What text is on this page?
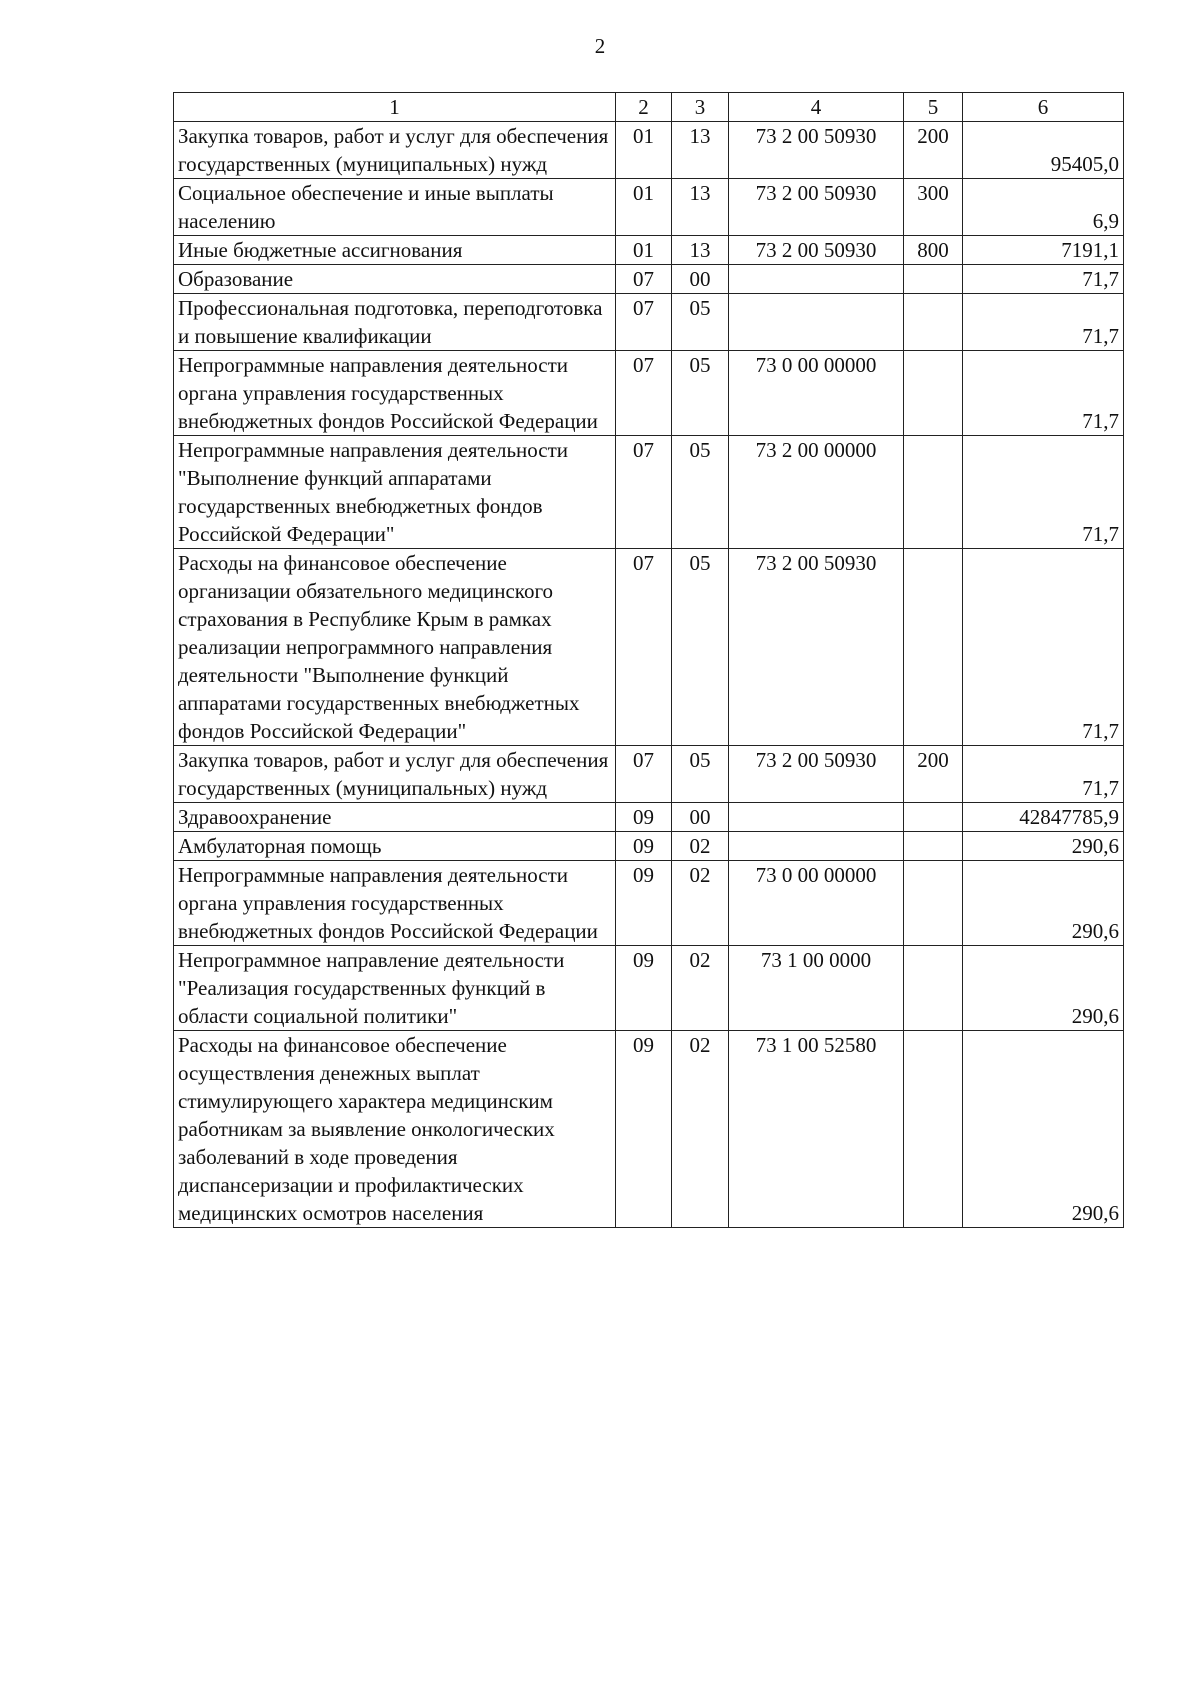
2
1	2	3	4	5	6
Закупка товаров, работ и услуг для обеспечения государственных (муниципальных) нужд	01	13	73 2 00 50930	200	95405,0
Социальное обеспечение и иные выплаты населению	01	13	73 2 00 50930	300	6,9
Иные бюджетные ассигнования	01	13	73 2 00 50930	800	7191,1
Образование	07	00			71,7
Профессиональная подготовка, переподготовка и повышение квалификации	07	05			71,7
Непрограммные направления деятельности органа управления государственных внебюджетных фондов Российской Федерации	07	05	73 0 00 00000		71,7
Непрограммные направления деятельности "Выполнение функций аппаратами государственных внебюджетных фондов Российской Федерации"	07	05	73 2 00 00000		71,7
Расходы на финансовое обеспечение организации обязательного медицинского страхования в Республике Крым в рамках реализации непрограммного направления деятельности "Выполнение функций аппаратами государственных внебюджетных фондов Российской Федерации"	07	05	73 2 00 50930		71,7
Закупка товаров, работ и услуг для обеспечения государственных (муниципальных) нужд	07	05	73 2 00 50930	200	71,7
Здравоохранение	09	00			42847785,9
Амбулаторная помощь	09	02			290,6
Непрограммные направления деятельности органа управления государственных внебюджетных фондов Российской Федерации	09	02	73 0 00 00000		290,6
Непрограммное направление деятельности "Реализация государственных функций в области социальной политики"	09	02	73 1 00 0000		290,6
Расходы на финансовое обеспечение осуществления денежных выплат стимулирующего характера медицинским работникам за выявление онкологических заболеваний в ходе проведения диспансеризации и профилактических медицинских осмотров населения	09	02	73 1 00 52580		290,6
